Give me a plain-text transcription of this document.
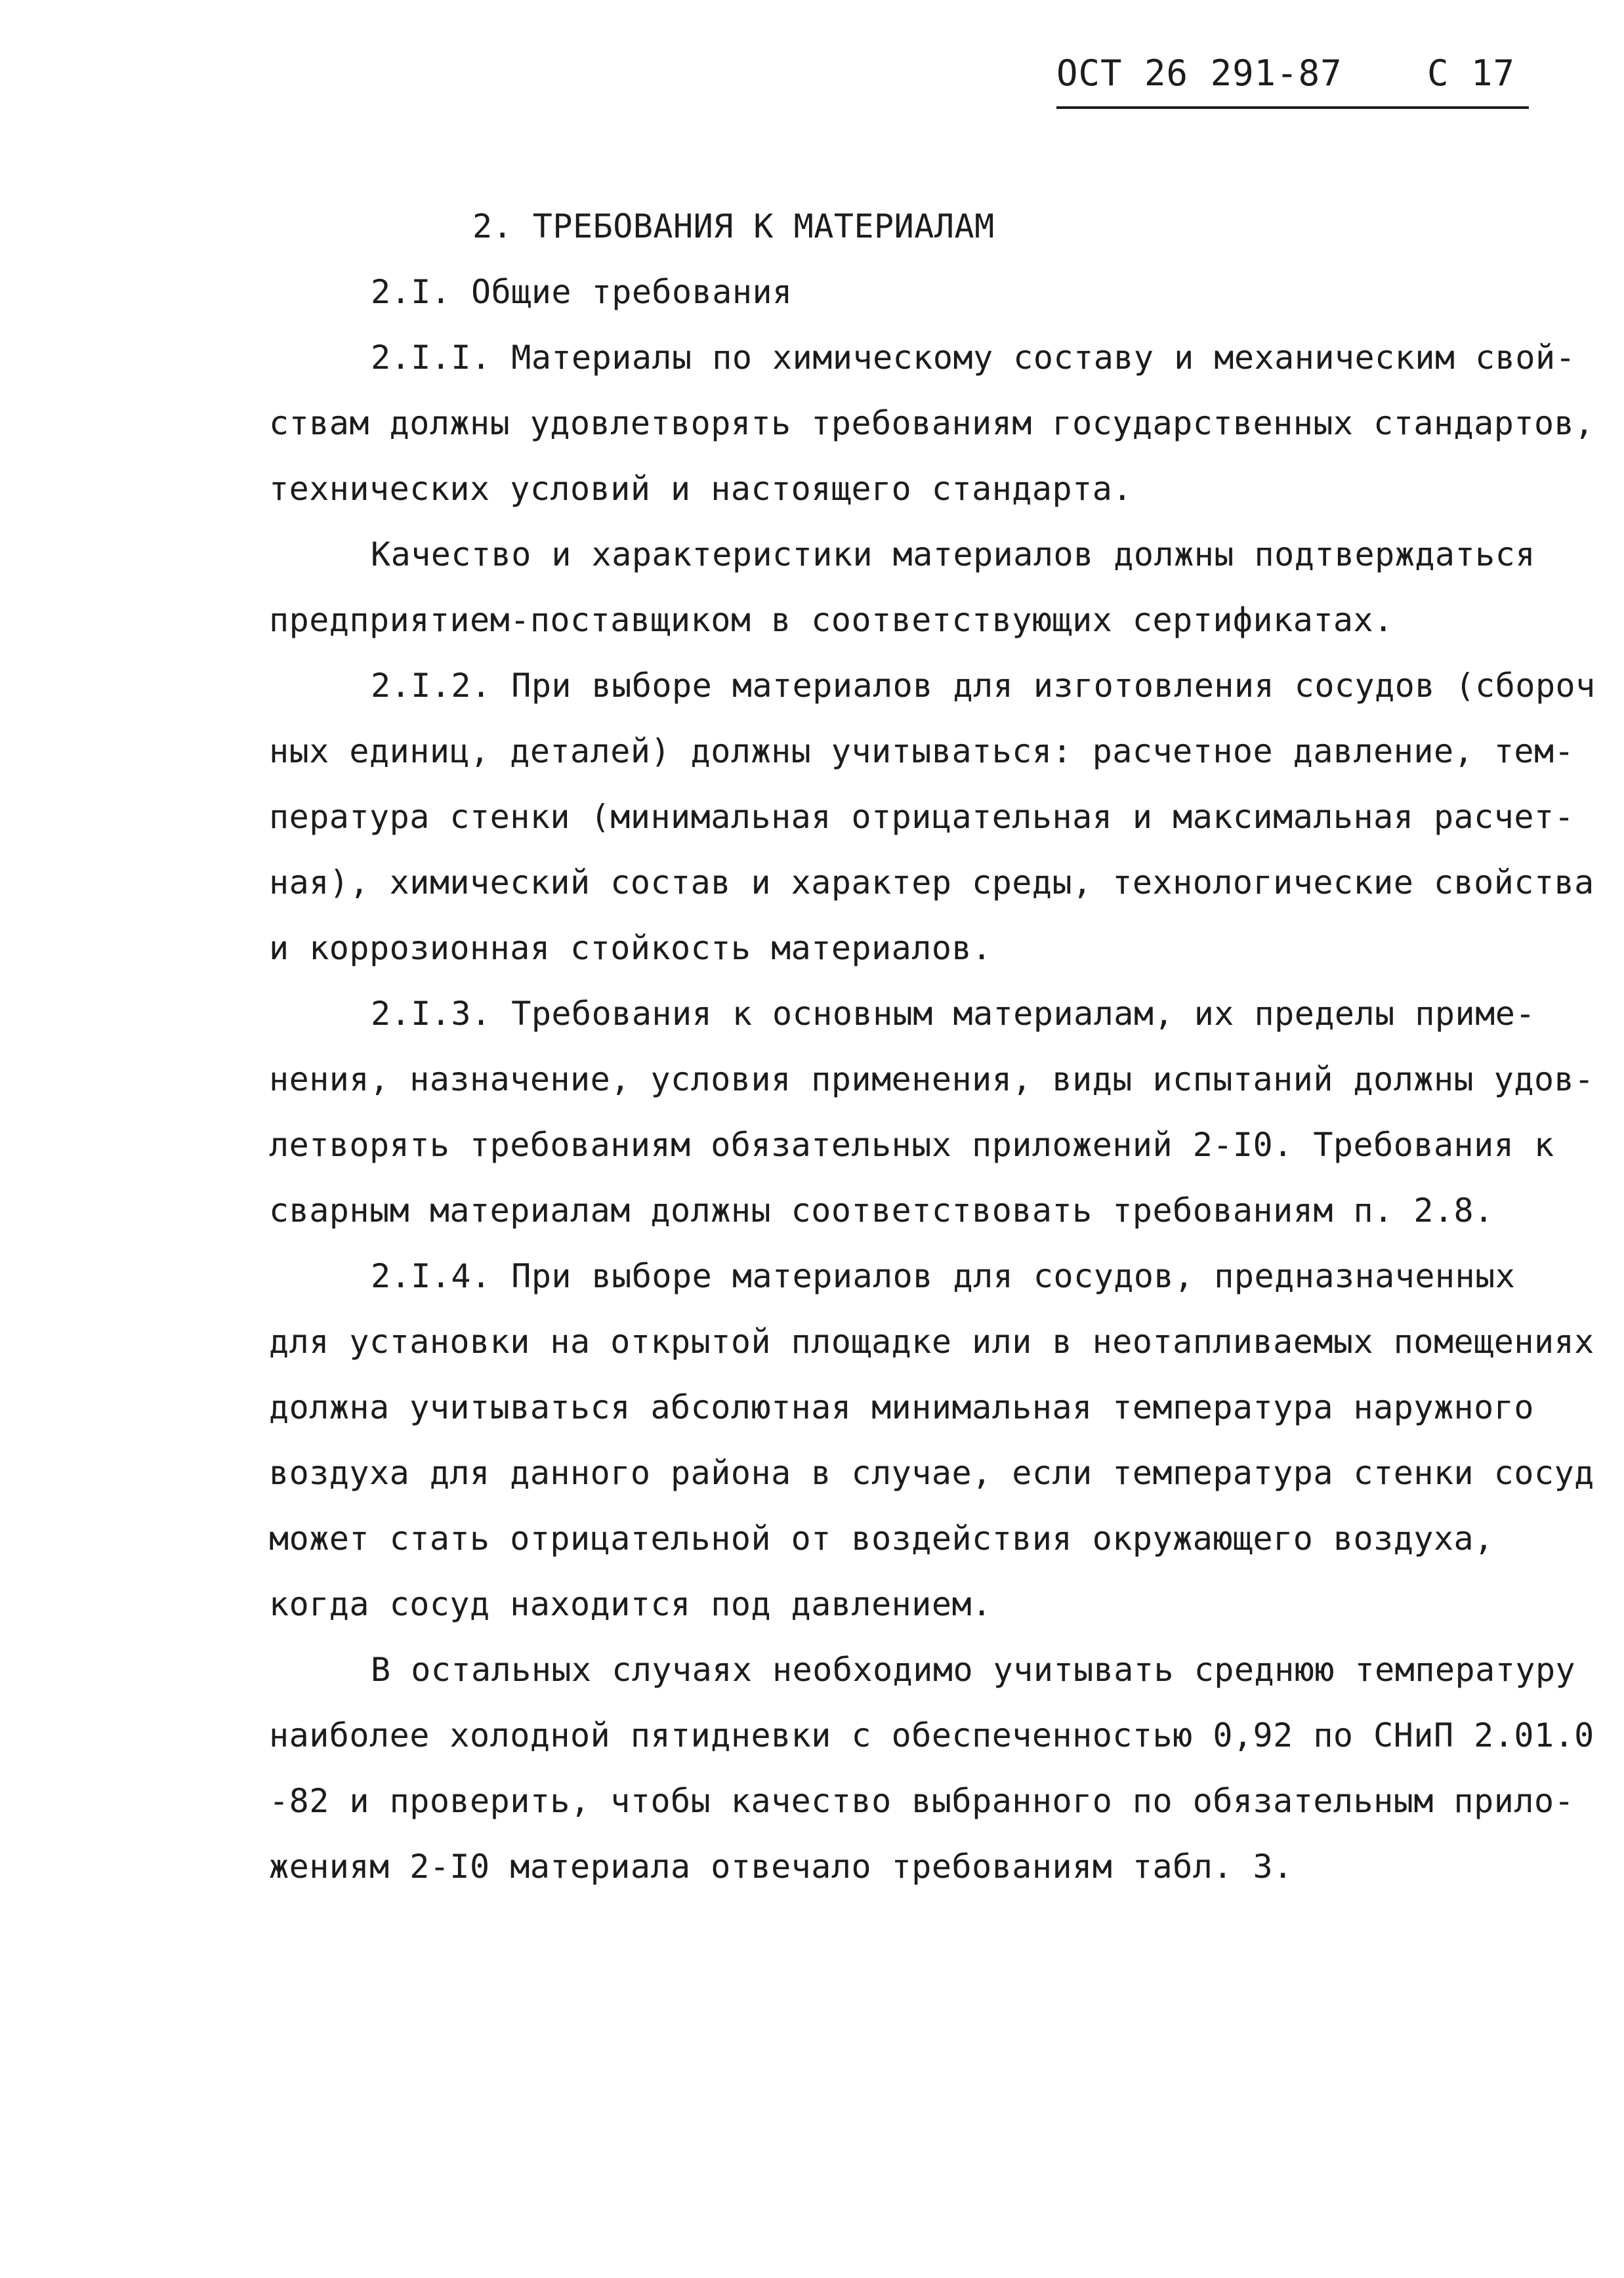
ОСТ 26 291-87 С 17
2. ТРЕБОВАНИЯ К МАТЕРИАЛАМ
2.I. Общие требования
2.I.I. Материалы по химическому составу и механическим свой-
ствам должны удовлетворять требованиям государственных стандартов,
технических условий и настоящего стандарта.
Качество и характеристики материалов должны подтверждаться
предприятием-поставщиком в соответствующих сертификатах.
2.I.2. При выборе материалов для изготовления сосудов (сбороч
ных единиц, деталей) должны учитываться: расчетное давление, тем-
пература стенки (минимальная отрицательная и максимальная расчет-
ная), химический состав и характер среды, технологические свойства
и коррозионная стойкость материалов.
2.I.3. Требования к основным материалам, их пределы приме-
нения, назначение, условия применения, виды испытаний должны удов-
летворять требованиям обязательных приложений 2-I0. Требования к
сварным материалам должны соответствовать требованиям п. 2.8.
2.I.4. При выборе материалов для сосудов, предназначенных
для установки на открытой площадке или в неотапливаемых помещениях
должна учитываться абсолютная минимальная температура наружного
воздуха для данного района в случае, если температура стенки сосуд
может стать отрицательной от воздействия окружающего воздуха,
когда сосуд находится под давлением.
В остальных случаях необходимо учитывать среднюю температуру
наиболее холодной пятидневки с обеспеченностью 0,92 по СНиП 2.01.0
-82 и проверить, чтобы качество выбранного по обязательным прило-
жениям 2-I0 материала отвечало требованиям табл. 3.
